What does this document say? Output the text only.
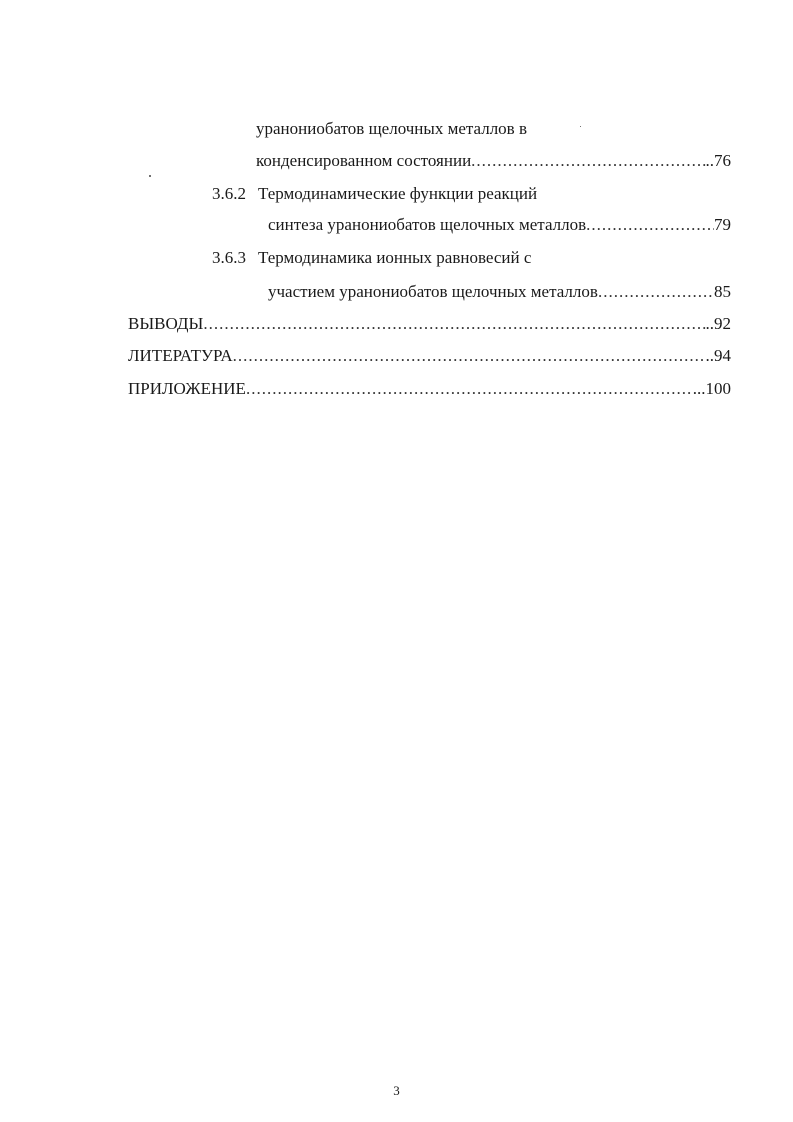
уранониобатов щелочных металлов в
конденсированном состоянии .....	..76
3.6.2 Термодинамические функции реакций
синтеза уранониобатов щелочных металлов .....	79
3.6.3 Термодинамика ионных равновесий с
участием уранониобатов щелочных металлов .....	85
ВЫВОДЫ .....	..92
ЛИТЕРАТУРА .....	..94
ПРИЛОЖЕНИЕ .....	...100
3
